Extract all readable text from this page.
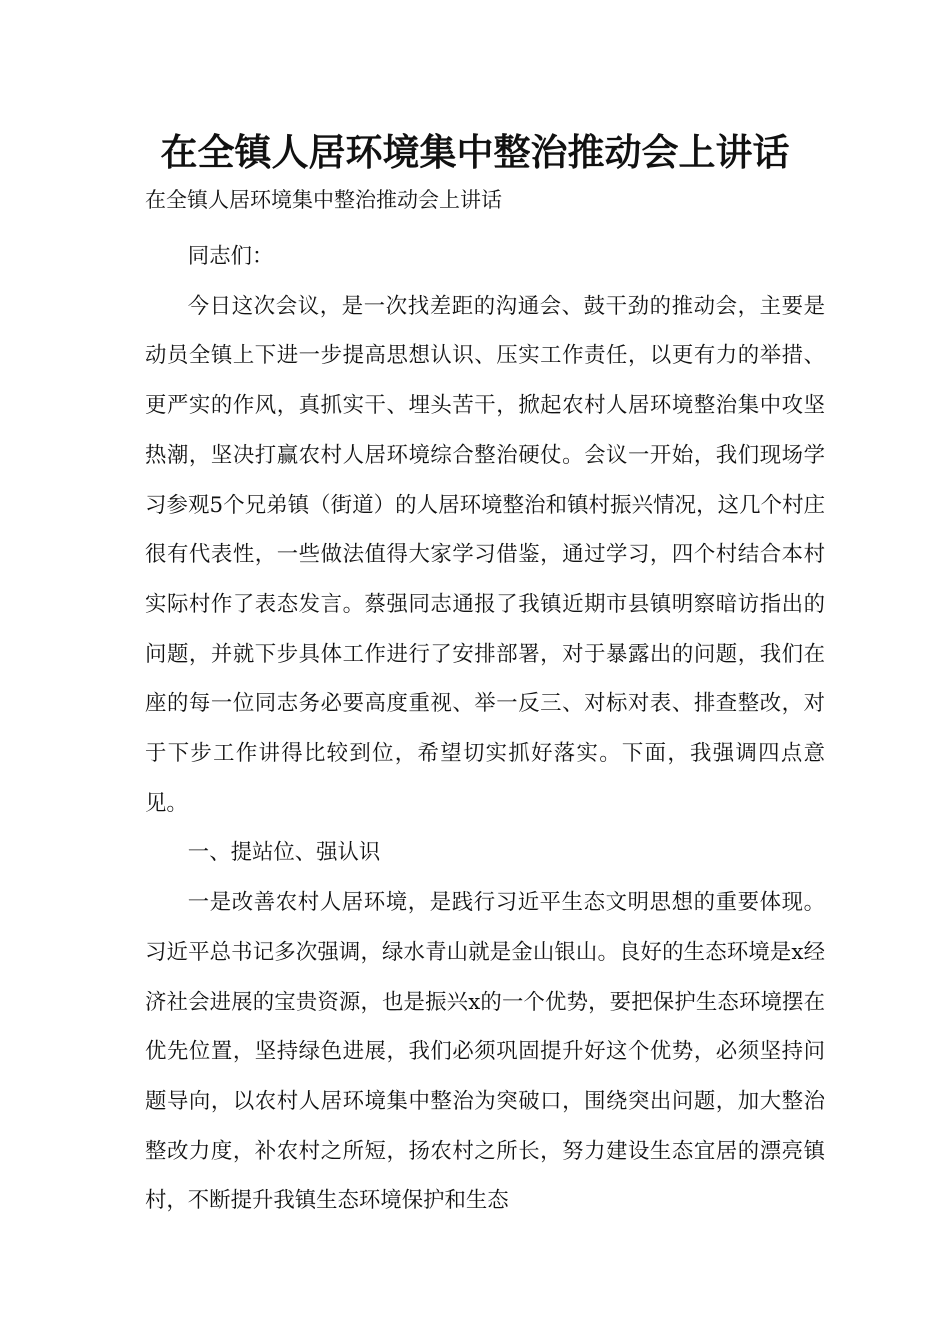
在全镇人居环境集中整治推动会上讲话
在全镇人居环境集中整治推动会上讲话

同志们：

今日这次会议，是一次找差距的沟通会、鼓干劲的推动会，主要是动员全镇上下进一步提高思想认识、压实工作责任，以更有力的举措、更严实的作风，真抓实干、埋头苦干，掀起农村人居环境整治集中攻坚热潮，坚决打赢农村人居环境综合整治硬仗。会议一开始，我们现场学习参观5个兄弟镇（街道）的人居环境整治和镇村振兴情况，这几个村庄很有代表性，一些做法值得大家学习借鉴，通过学习，四个村结合本村实际村作了表态发言。蔡强同志通报了我镇近期市县镇明察暗访指出的问题，并就下步具体工作进行了安排部署，对于暴露出的问题，我们在座的每一位同志务必要高度重视、举一反三、对标对表、排查整改，对于下步工作讲得比较到位，希望切实抓好落实。下面，我强调四点意见。

一、提站位、强认识

一是改善农村人居环境，是践行习近平生态文明思想的重要体现。习近平总书记多次强调，绿水青山就是金山银山。良好的生态环境是x经济社会进展的宝贵资源，也是振兴x的一个优势，要把保护生态环境摆在优先位置，坚持绿色进展，我们必须巩固提升好这个优势，必须坚持问题导向，以农村人居环境集中整治为突破口，围绕突出问题，加大整治整改力度，补农村之所短，扬农村之所长，努力建设生态宜居的漂亮镇村，不断提升我镇生态环境保护和生态
